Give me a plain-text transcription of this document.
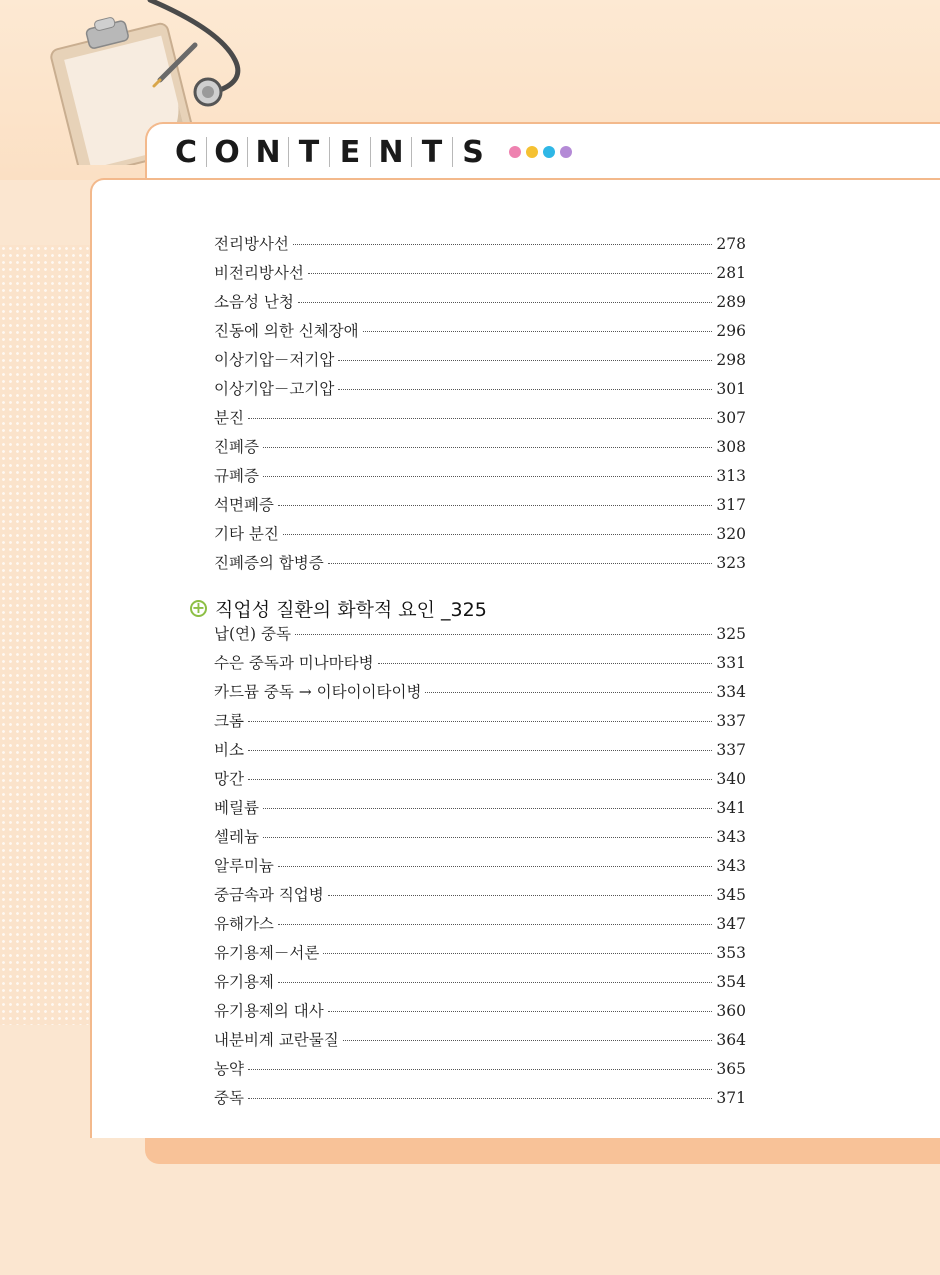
C O N T E N T S
전리방사선	278
비전리방사선	281
소음성 난청	289
진동에 의한 신체장애	296
이상기압－저기압	298
이상기압－고기압	301
분진	307
진폐증	308
규폐증	313
석면폐증	317
기타 분진	320
진폐증의 합병증	323
+ 직업성 질환의 화학적 요인 _325
납(연) 중독	325
수은 중독과 미나마타병	331
카드뮴 중독 → 이타이이타이병	334
크롬	337
비소	337
망간	340
베릴륨	341
셀레늄	343
알루미늄	343
중금속과 직업병	345
유해가스	347
유기용제－서론	353
유기용제	354
유기용제의 대사	360
내분비계 교란물질	364
농약	365
중독	371
